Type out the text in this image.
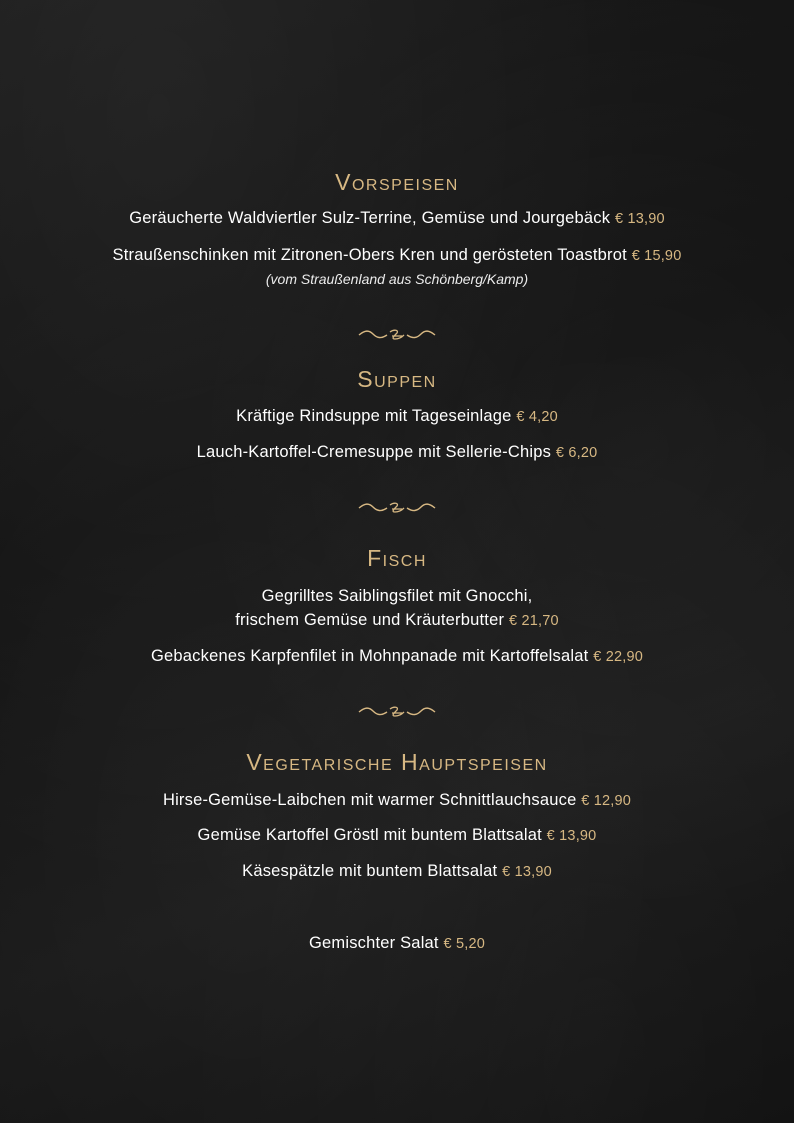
Vorspeisen
Geräucherte Waldviertler Sulz-Terrine, Gemüse und Jourgebäck € 13,90
Straußenschinken mit Zitronen-Obers Kren und gerösteten Toastbrot € 15,90
(vom Straußenland aus Schönberg/Kamp)
Suppen
Kräftige Rindsuppe mit Tageseinlage € 4,20
Lauch-Kartoffel-Cremesuppe mit Sellerie-Chips € 6,20
Fisch
Gegrilltes Saiblingsfilet mit Gnocchi,
frischem Gemüse und Kräuterbutter € 21,70
Gebackenes Karpfenfilet in Mohnpanade mit Kartoffelsalat € 22,90
Vegetarische Hauptspeisen
Hirse-Gemüse-Laibchen mit warmer Schnittlauchsauce € 12,90
Gemüse Kartoffel Gröstl mit buntem Blattsalat € 13,90
Käsespätzle mit buntem Blattsalat € 13,90
Gemischter Salat € 5,20
